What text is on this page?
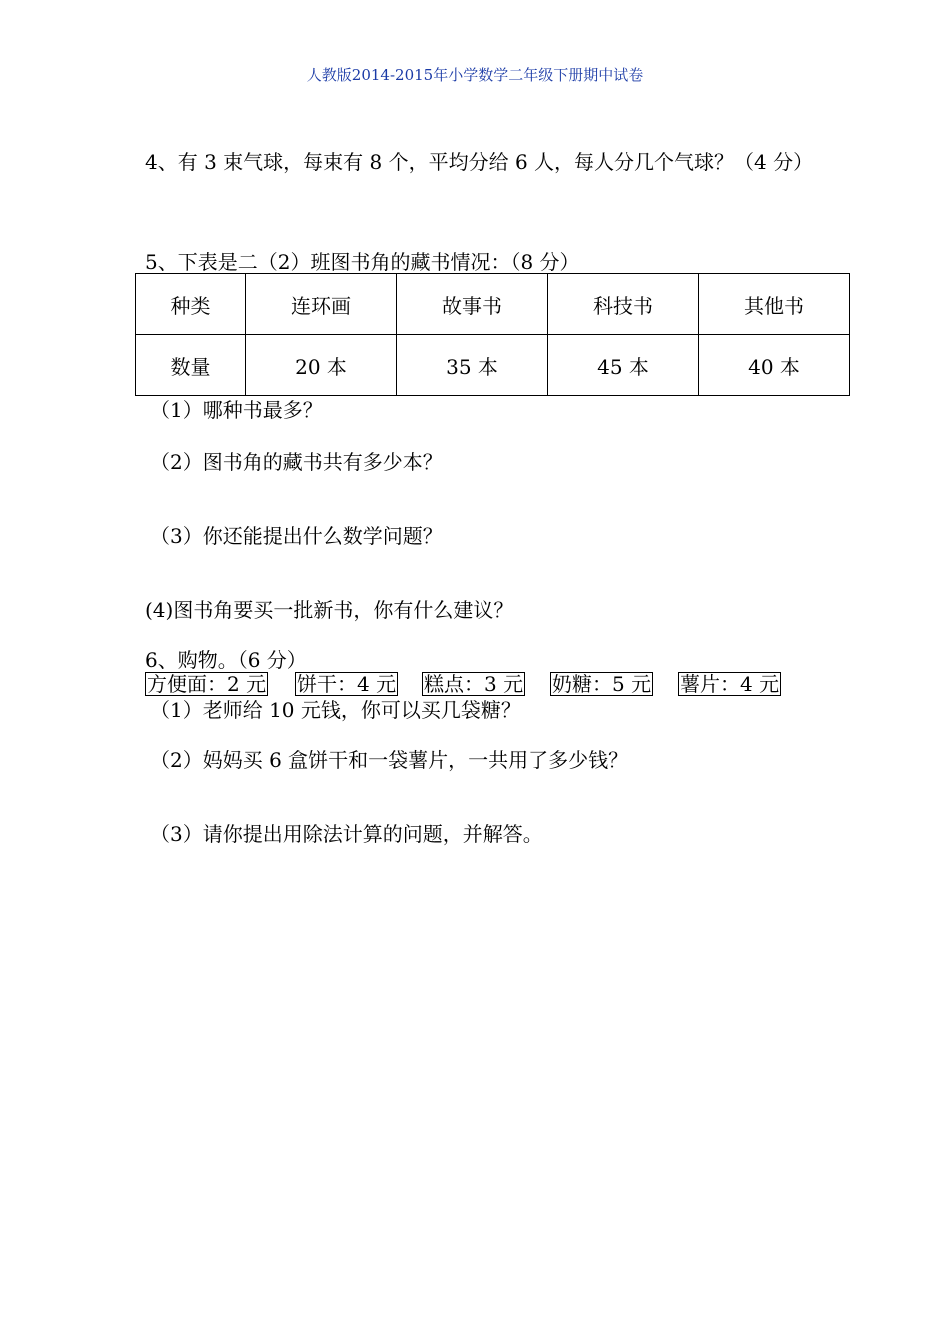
人教版2014-2015年小学数学二年级下册期中试卷
4、有 3 束气球，每束有 8 个，平均分给 6 人，每人分几个气球？（4 分）
5、下表是二（2）班图书角的藏书情况：（8 分）
种类	连环画	故事书	科技书	其他书
数量	20 本	35 本	45 本	40 本
（1）哪种书最多？
（2）图书角的藏书共有多少本？
（3）你还能提出什么数学问题？
(4)图书角要买一批新书，你有什么建议？
6、购物。（6 分）
方便面：2 元 饼干：4 元 糕点：3 元 奶糖：5 元 薯片：4 元
（1）老师给 10 元钱，你可以买几袋糖？
（2）妈妈买 6 盒饼干和一袋薯片，一共用了多少钱？
（3）请你提出用除法计算的问题，并解答。
